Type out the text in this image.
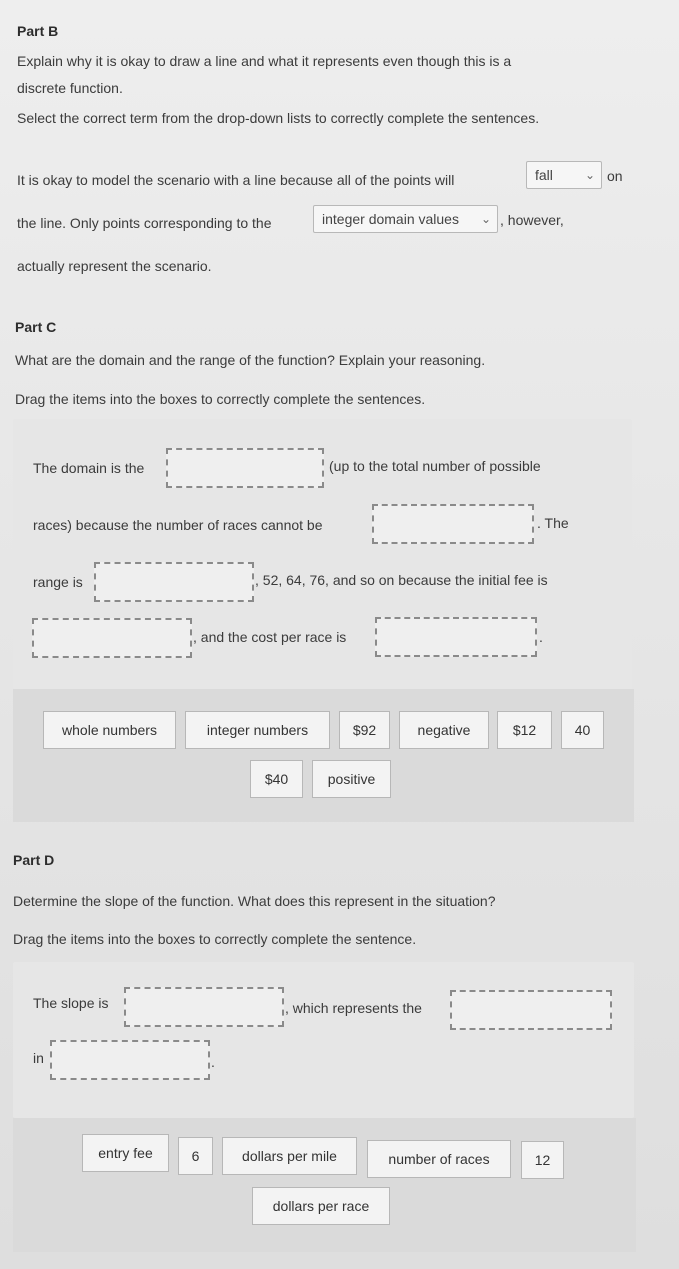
Part B
Explain why it is okay to draw a line and what it represents even though this is a
discrete function.
Select the correct term from the drop-down lists to correctly complete the sentences.
It is okay to model the scenario with a line because all of the points will	fall	⌄ on
the line. Only points corresponding to the	integer domain values ⌄ , however,
actually represent the scenario.
Part C
What are the domain and the range of the function? Explain your reasoning.
Drag the items into the boxes to correctly complete the sentences.
The domain is the	(up to the total number of possible
races) because the number of races cannot be	. The
range is	, 52, 64, 76, and so on because the initial fee is
, and the cost per race is	.
whole numbers	integer numbers	$92	negative	$12	40
$40	positive
Part D
Determine the slope of the function. What does this represent in the situation?
Drag the items into the boxes to correctly complete the sentence.
The slope is	, which represents the
in	.
entry fee	6	dollars per mile	number of races	12
dollars per race
